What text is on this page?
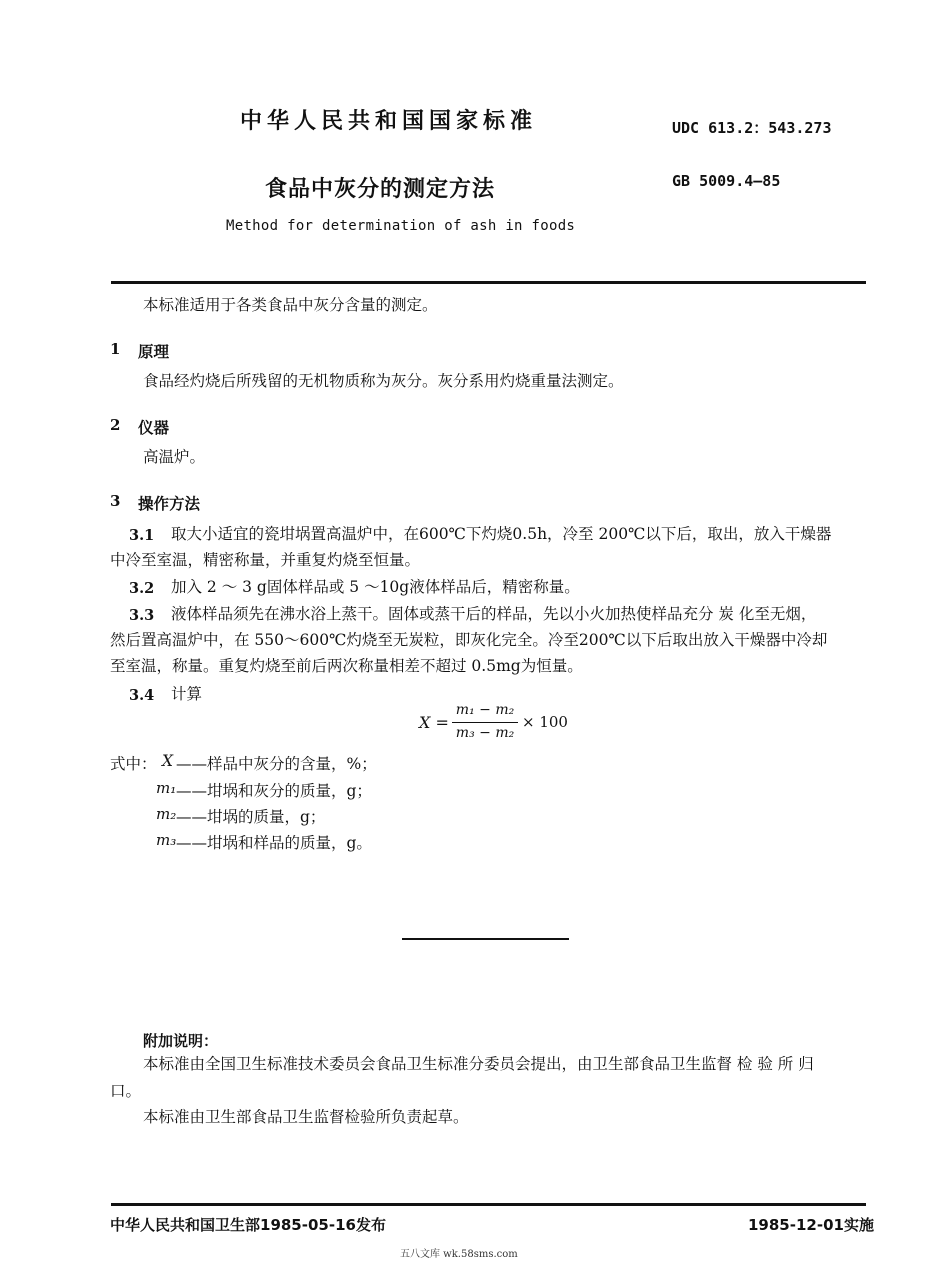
中华人民共和国国家标准	UDC 613.2：543.273
食品中灰分的测定方法	GB 5009.4—85
Method for determination of ash in foods
本标准适用于各类食品中灰分含量的测定。
1 原理
食品经灼烧后所残留的无机物质称为灰分。灰分系用灼烧重量法测定。
2 仪器
高温炉。
3 操作方法
3.1 取大小适宜的瓷坩埚置高温炉中，在600℃下灼烧0.5h，冷至 200℃以下后，取出，放入干燥器
中冷至室温，精密称量，并重复灼烧至恒量。
3.2 加入 2 ～ 3 g固体样品或 5 ～10g液体样品后，精密称量。
3.3 液体样品须先在沸水浴上蒸干。固体或蒸干后的样品，先以小火加热使样品充分 炭 化至无烟，
然后置高温炉中，在 550～600℃灼烧至无炭粒，即灰化完全。冷至200℃以下后取出放入干燥器中冷却
至室温，称量。重复灼烧至前后两次称量相差不超过 0.5mg为恒量。
3.4 计算
X =
m₁ − m₂
m₃ − m₂
× 100
式中： X ——样品中灰分的含量，%；
m₁ ——坩埚和灰分的质量，g；
m₂ ——坩埚的质量，g；
m₃ ——坩埚和样品的质量，g。
附加说明：
本标准由全国卫生标准技术委员会食品卫生标准分委员会提出，由卫生部食品卫生监督 检 验 所 归
口。
本标准由卫生部食品卫生监督检验所负责起草。
中华人民共和国卫生部1985-05-16发布	1985-12-01实施
五八文库 wk.58sms.com
